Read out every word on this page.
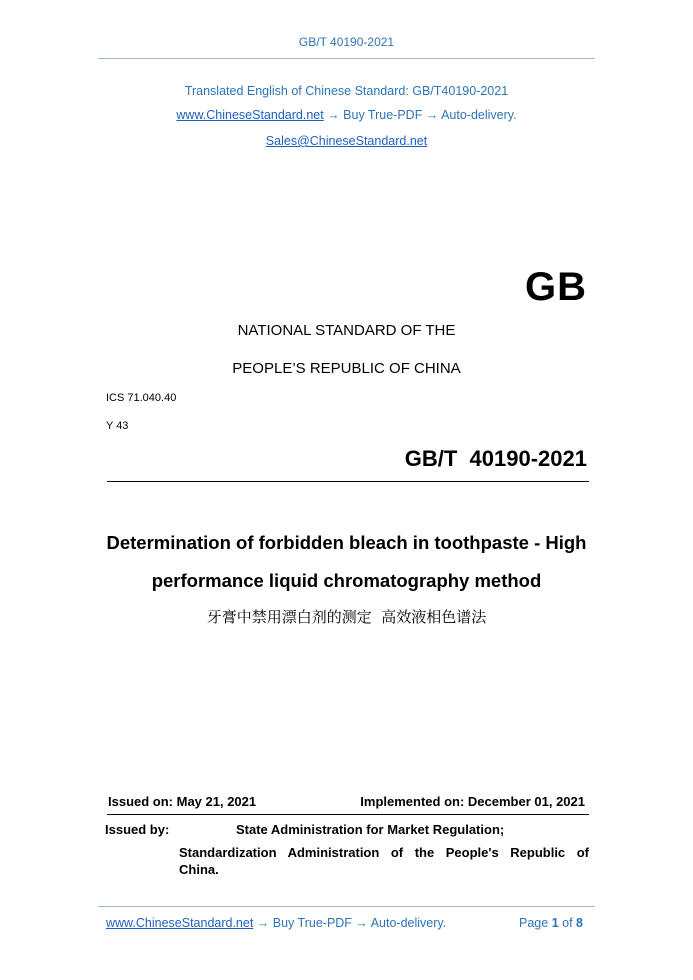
GB/T 40190-2021
Translated English of Chinese Standard: GB/T40190-2021
www.ChineseStandard.net → Buy True-PDF → Auto-delivery.
Sales@ChineseStandard.net
GB
NATIONAL STANDARD OF THE
PEOPLE’S REPUBLIC OF CHINA
ICS 71.040.40
Y 43
GB/T  40190-2021
Determination of forbidden bleach in toothpaste - High
performance liquid chromatography method
牙膏中禁用漂白剂的测定  高效液相色谱法
Issued on: May 21, 2021	Implemented on: December 01, 2021
Issued by:	State Administration for Market Regulation;
Standardization Administration of the People's Republic of
China.
www.ChineseStandard.net → Buy True-PDF → Auto-delivery.	Page 1 of 8
